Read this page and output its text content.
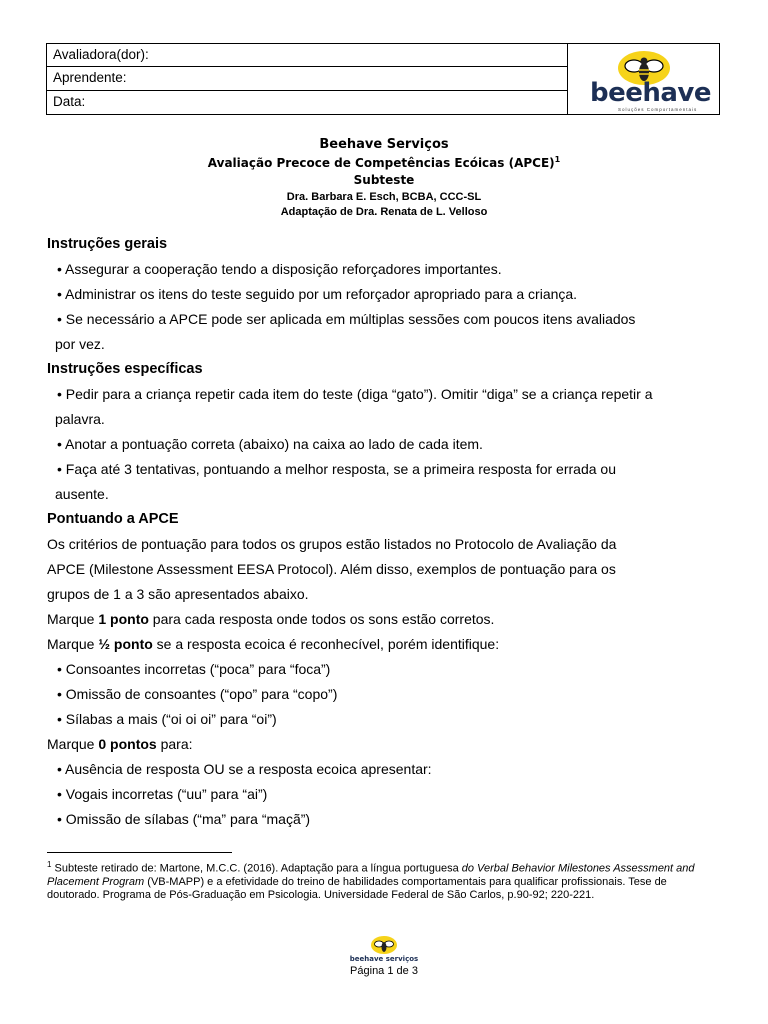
Avaliadora(dor):
Aprendente:
Data:	beehave
Soluções Comportamentais
Beehave Serviços
Avaliação Precoce de Competências Ecóicas (APCE)$^1$
Subteste
Dra. Barbara E. Esch, BCBA, CCC-SL
Adaptação de Dra. Renata de L. Velloso
Instruções gerais
• Assegurar a cooperação tendo a disposição reforçadores importantes.
• Administrar os itens do teste seguido por um reforçador apropriado para a criança.
• Se necessário a APCE pode ser aplicada em múltiplas sessões com poucos itens avaliados
por vez.
Instruções específicas
• Pedir para a criança repetir cada item do teste (diga “gato”). Omitir “diga” se a criança repetir a
palavra.
• Anotar a pontuação correta (abaixo) na caixa ao lado de cada item.
• Faça até 3 tentativas, pontuando a melhor resposta, se a primeira resposta for errada ou
ausente.
Pontuando a APCE
Os critérios de pontuação para todos os grupos estão listados no Protocolo de Avaliação da
APCE (Milestone Assessment EESA Protocol). Além disso, exemplos de pontuação para os
grupos de 1 a 3 são apresentados abaixo.
Marque 1 ponto para cada resposta onde todos os sons estão corretos.
Marque ½ ponto se a resposta ecoica é reconhecível, porém identifique:
• Consoantes incorretas (“poca” para “foca”)
• Omissão de consoantes (“opo” para “copo”)
• Sílabas a mais (“oi oi oi” para “oi”)
Marque 0 pontos para:
• Ausência de resposta OU se a resposta ecoica apresentar:
• Vogais incorretas (“uu” para “ai”)
• Omissão de sílabas (“ma” para “maçã”)
$^1$ Subteste retirado de: Martone, M.C.C. (2016). Adaptação para a língua portuguesa do Verbal Behavior Milestones Assessment and Placement Program (VB-MAPP) e a efetividade do treino de habilidades comportamentais para qualificar profissionais. Tese de doutorado. Programa de Pós-Graduação em Psicologia. Universidade Federal de São Carlos, p.90-92; 220-221.
beehave serviços
Página 1 de 3
